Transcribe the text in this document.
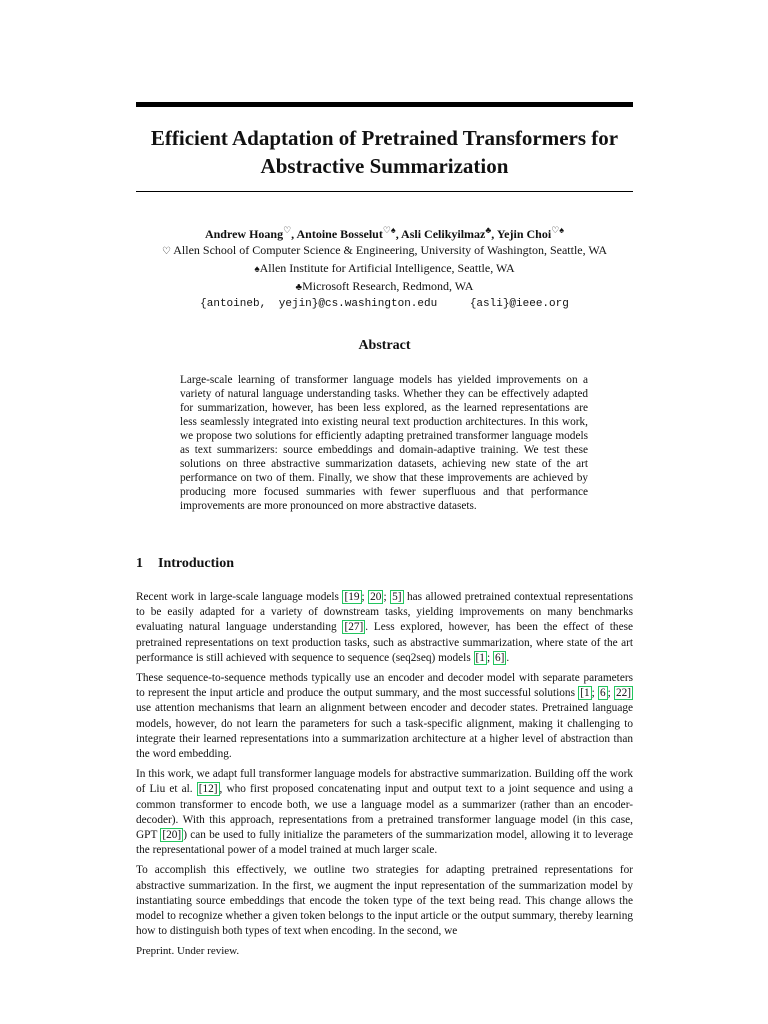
Efficient Adaptation of Pretrained Transformers for
Abstractive Summarization
Andrew Hoang♡, Antoine Bosselut♡♠, Asli Celikyilmaz♣, Yejin Choi♡♠
♡ Allen School of Computer Science & Engineering, University of Washington, Seattle, WA
♠Allen Institute for Artificial Intelligence, Seattle, WA
♣Microsoft Research, Redmond, WA
{antoineb, yejin}@cs.washington.edu	{asli}@ieee.org
Abstract

Large-scale learning of transformer language models has yielded improvements on a variety of natural language understanding tasks. Whether they can be effectively adapted for summarization, however, has been less explored, as the learned representations are less seamlessly integrated into existing neural text production architectures. In this work, we propose two solutions for efficiently adapting pretrained transformer language models as text summarizers: source embeddings and domain-adaptive training. We test these solutions on three abstractive summarization datasets, achieving new state of the art performance on two of them. Finally, we show that these improvements are achieved by producing more focused summaries with fewer superfluous and that performance improvements are more pronounced on more abstractive datasets.

1 Introduction

Recent work in large-scale language models [19 ; 20 ; 5] has allowed pretrained contextual representations to be easily adapted for a variety of downstream tasks, yielding improvements on many benchmarks evaluating natural language understanding [27] . Less explored, however, has been the effect of these pretrained representations on text production tasks, such as abstractive summarization, where state of the art performance is still achieved with sequence to sequence (seq2seq) models [1 ; 6] .

These sequence-to-sequence methods typically use an encoder and decoder model with separate parameters to represent the input article and produce the output summary, and the most successful solutions [1 ; 6 ; 22] use attention mechanisms that learn an alignment between encoder and decoder states. Pretrained language models, however, do not learn the parameters for such a task-specific alignment, making it challenging to integrate their learned representations into a summarization architecture at a higher level of abstraction than the word embedding.

In this work, we adapt full transformer language models for abstractive summarization. Building off the work of Liu et al. [12] , who first proposed concatenating input and output text to a joint sequence and using a common transformer to encode both, we use a language model as a summarizer (rather than an encoder-decoder). With this approach, representations from a pretrained transformer language model (in this case, GPT [20] ) can be used to fully initialize the parameters of the summarization model, allowing it to leverage the representational power of a model trained at much larger scale.

To accomplish this effectively, we outline two strategies for adapting pretrained representations for abstractive summarization. In the first, we augment the input representation of the summarization model by instantiating source embeddings that encode the token type of the text being read. This change allows the model to recognize whether a given token belongs to the input article or the output summary, thereby learning how to distinguish both types of text when encoding. In the second, we

Preprint. Under review.
